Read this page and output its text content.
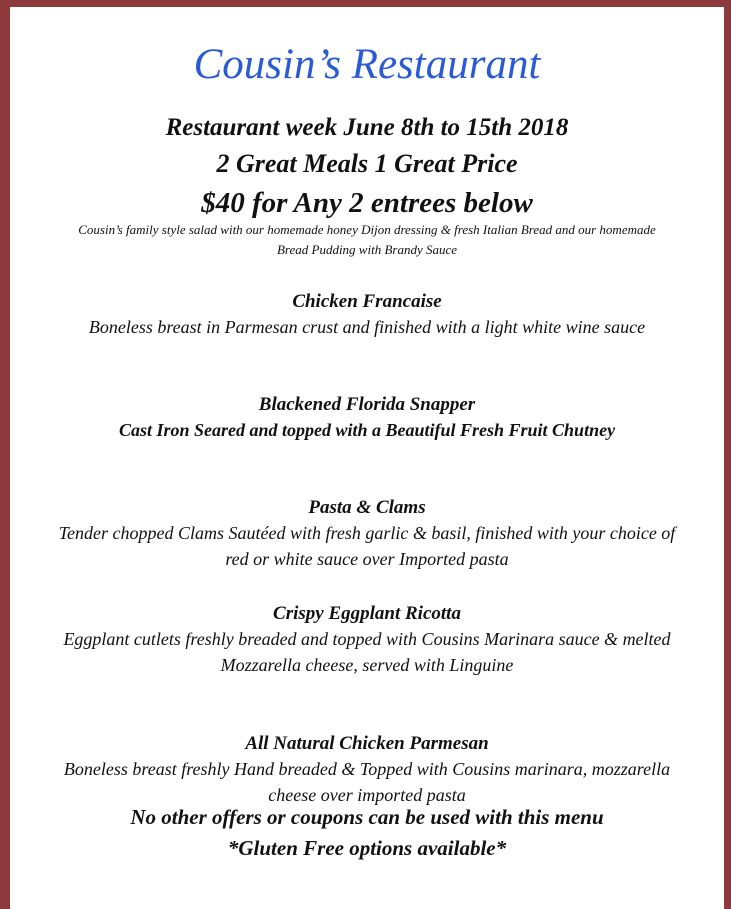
Cousin’s Restaurant

Restaurant week June 8th to 15th 2018

2 Great Meals 1 Great Price

$40 for Any 2 entrees below

Cousin’s family style salad with our homemade honey Dijon dressing & fresh Italian Bread and our homemade Bread Pudding with Brandy Sauce

Chicken Francaise

Boneless breast in Parmesan crust and finished with a light white wine sauce

Blackened Florida Snapper

Cast Iron Seared and topped with a Beautiful Fresh Fruit Chutney

Pasta & Clams

Tender chopped Clams Sautéed with fresh garlic & basil, finished with your choice of red or white sauce over Imported pasta

Crispy Eggplant Ricotta

Eggplant cutlets freshly breaded and topped with Cousins Marinara sauce & melted Mozzarella cheese, served with Linguine

All Natural Chicken Parmesan

Boneless breast freshly Hand breaded & Topped with Cousins marinara, mozzarella cheese over imported pasta

No other offers or coupons can be used with this menu

*Gluten Free options available*
